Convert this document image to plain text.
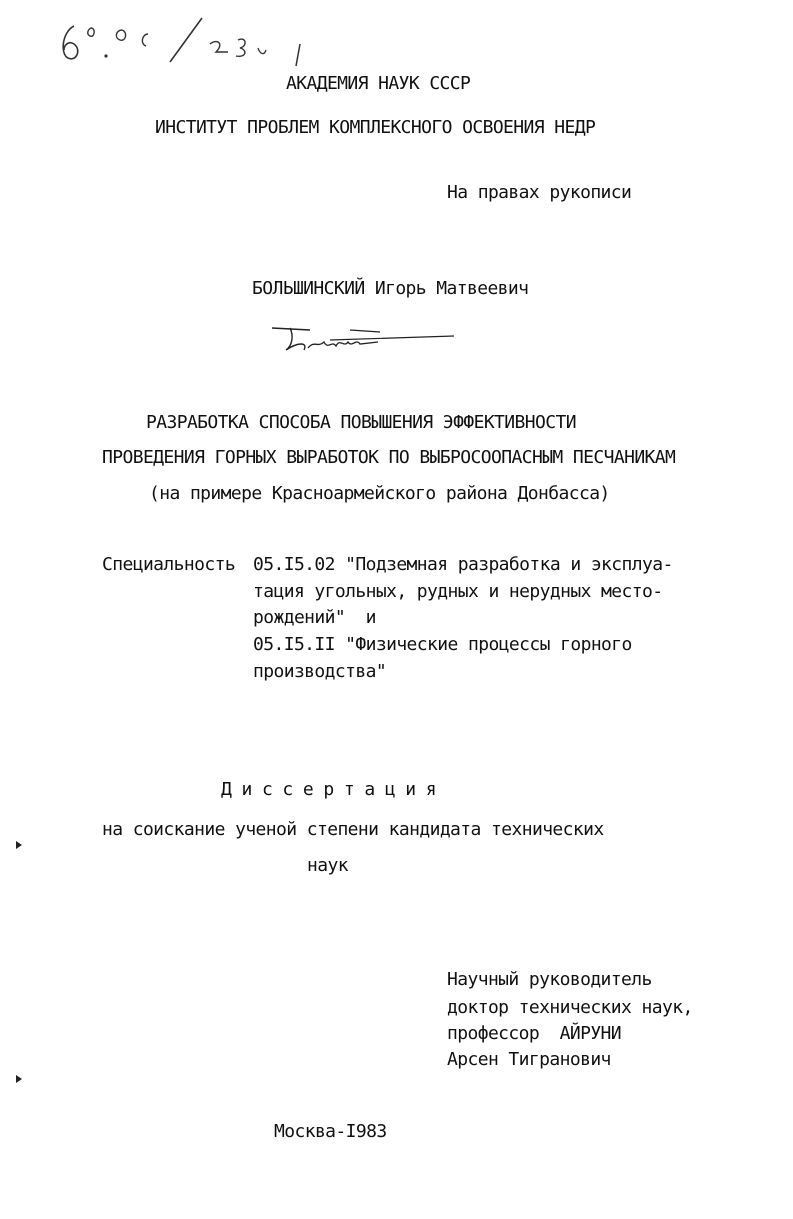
АКАДЕМИЯ НАУК СССР
ИНСТИТУТ ПРОБЛЕМ КОМПЛЕКСНОГО ОСВОЕНИЯ НЕДР
На правах рукописи
БОЛЬШИНСКИЙ Игорь Матвеевич
РАЗРАБОТКА СПОСОБА ПОВЫШЕНИЯ ЭФФЕКТИВНОСТИ
ПРОВЕДЕНИЯ ГОРНЫХ ВЫРАБОТОК ПО ВЫБРОСООПАСНЫМ ПЕСЧАНИКАМ
(на примере Красноармейского района Донбасса)
Специальность 05.I5.02 "Подземная разработка и эксплуа-
тация угольных, рудных и нерудных место-
рождений"  и
05.I5.II "Физические процессы горного
производства"
Д и с с е р т а ц и я
на соискание ученой степени кандидата технических
наук
Научный руководитель
доктор технических наук,
профессор  АЙРУНИ
Арсен Тигранович
Москва-I983
